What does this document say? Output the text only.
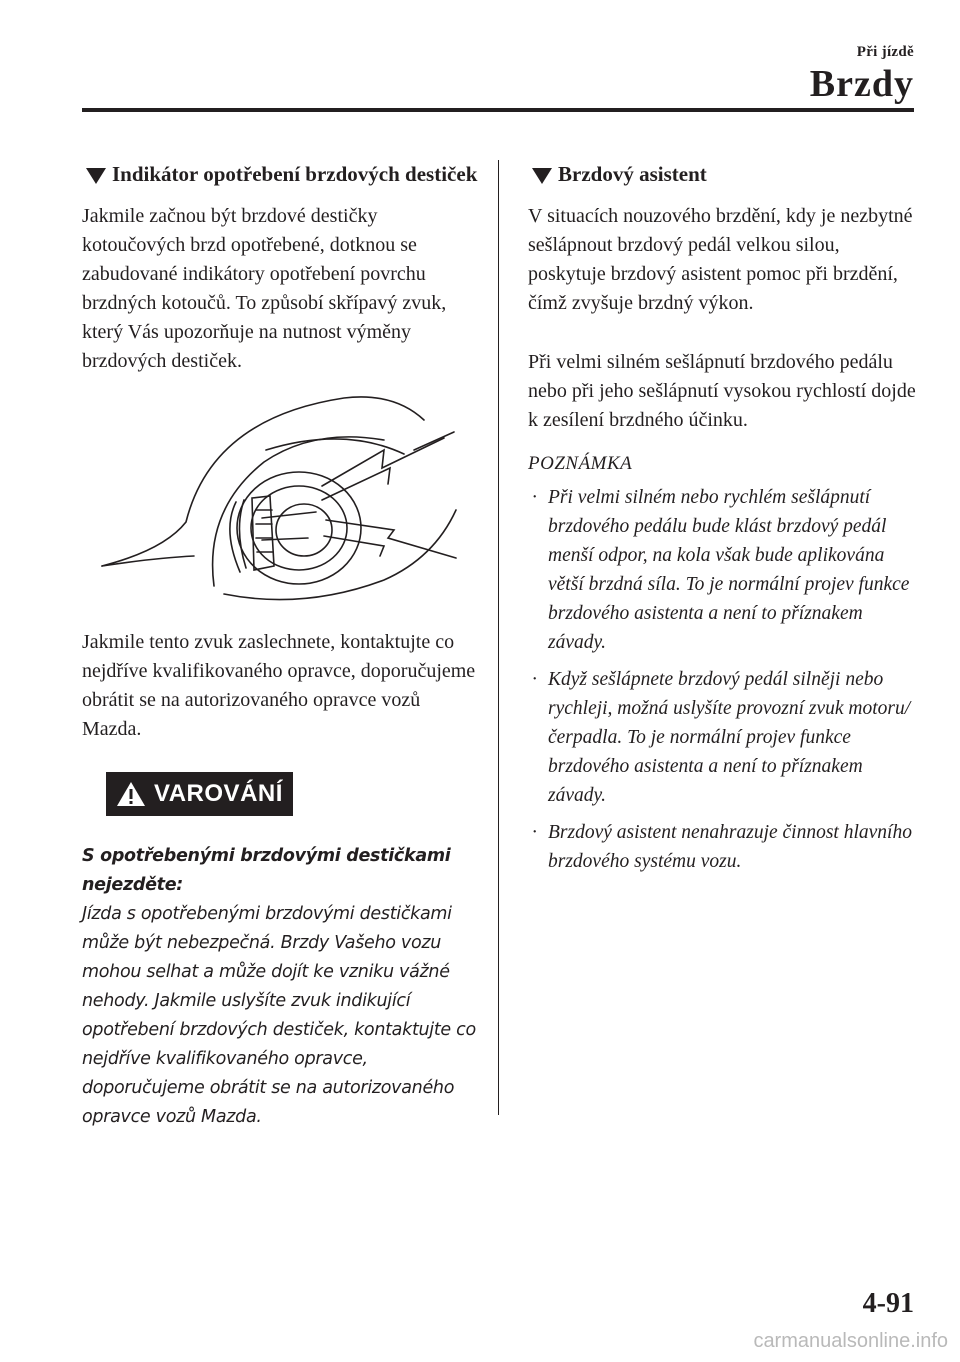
Při jízdě
Brzdy
Indikátor opotřebení brzdových destiček

Jakmile začnou být brzdové destičky kotoučových brzd opotřebené, dotknou se zabudované indikátory opotřebení povrchu brzdných kotoučů. To způsobí skřípavý zvuk, který Vás upozorňuje na nutnost výměny brzdových destiček.

Jakmile tento zvuk zaslechnete, kontaktujte co nejdříve kvalifikovaného opravce, doporučujeme obrátit se na autorizovaného opravce vozů Mazda.

VAROVÁNÍ
S opotřebenými brzdovými destičkami nejezděte:
Jízda s opotřebenými brzdovými destičkami může být nebezpečná. Brzdy Vašeho vozu mohou selhat a může dojít ke vzniku vážné nehody. Jakmile uslyšíte zvuk indikující opotřebení brzdových destiček, kontaktujte co nejdříve kvalifikovaného opravce, doporučujeme obrátit se na autorizovaného opravce vozů Mazda.
Brzdový asistent

V situacích nouzového brzdění, kdy je nezbytné sešlápnout brzdový pedál velkou silou, poskytuje brzdový asistent pomoc při brzdění, čímž zvyšuje brzdný výkon.

Při velmi silném sešlápnutí brzdového pedálu nebo při jeho sešlápnutí vysokou rychlostí dojde k zesílení brzdného účinku.

POZNÁMKA
· Při velmi silném nebo rychlém sešlápnutí brzdového pedálu bude klást brzdový pedál menší odpor, na kola však bude aplikována větší brzdná síla. To je normální projev funkce brzdového asistenta a není to příznakem závady.
· Když sešlápnete brzdový pedál silněji nebo rychleji, možná uslyšíte provozní zvuk motoru/čerpadla. To je normální projev funkce brzdového asistenta a není to příznakem závady.
· Brzdový asistent nenahrazuje činnost hlavního brzdového systému vozu.
4-91
carmanualsonline.info
